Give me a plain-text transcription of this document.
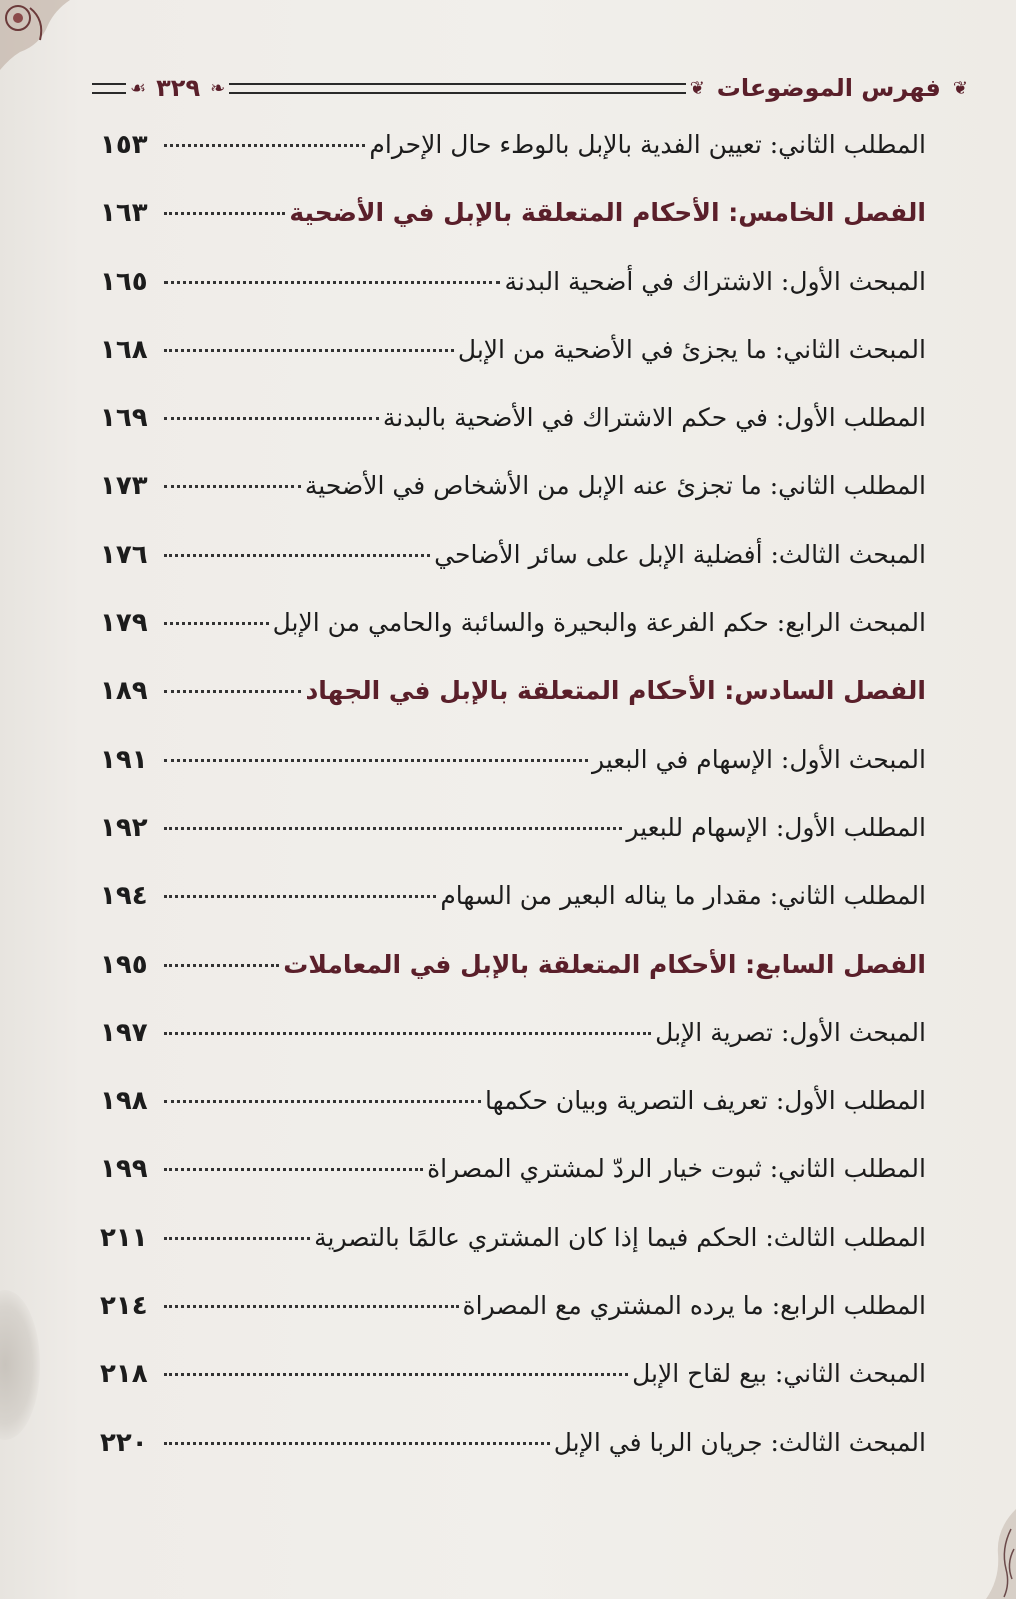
❦
فهرس الموضوعات
❦
❧
٣٢٩
☙
المطلب الثاني: تعيين الفدية بالإبل بالوطء حال الإحرام
١٥٣
الفصل الخامس: الأحكام المتعلقة بالإبل في الأضحية
١٦٣
المبحث الأول: الاشتراك في أضحية البدنة
١٦٥
المبحث الثاني: ما يجزئ في الأضحية من الإبل
١٦٨
المطلب الأول: في حكم الاشتراك في الأضحية بالبدنة
١٦٩
المطلب الثاني: ما تجزئ عنه الإبل من الأشخاص في الأضحية
١٧٣
المبحث الثالث: أفضلية الإبل على سائر الأضاحي
١٧٦
المبحث الرابع: حكم الفرعة والبحيرة والسائبة والحامي من الإبل
١٧٩
الفصل السادس: الأحكام المتعلقة بالإبل في الجهاد
١٨٩
المبحث الأول: الإسهام في البعير
١٩١
المطلب الأول: الإسهام للبعير
١٩٢
المطلب الثاني: مقدار ما يناله البعير من السهام
١٩٤
الفصل السابع: الأحكام المتعلقة بالإبل في المعاملات
١٩٥
المبحث الأول: تصرية الإبل
١٩٧
المطلب الأول: تعريف التصرية وبيان حكمها
١٩٨
المطلب الثاني: ثبوت خيار الردّ لمشتري المصراة
١٩٩
المطلب الثالث: الحكم فيما إذا كان المشتري عالمًا بالتصرية
٢١١
المطلب الرابع: ما يرده المشتري مع المصراة
٢١٤
المبحث الثاني: بيع لقاح الإبل
٢١٨
المبحث الثالث: جريان الربا في الإبل
٢٢٠
